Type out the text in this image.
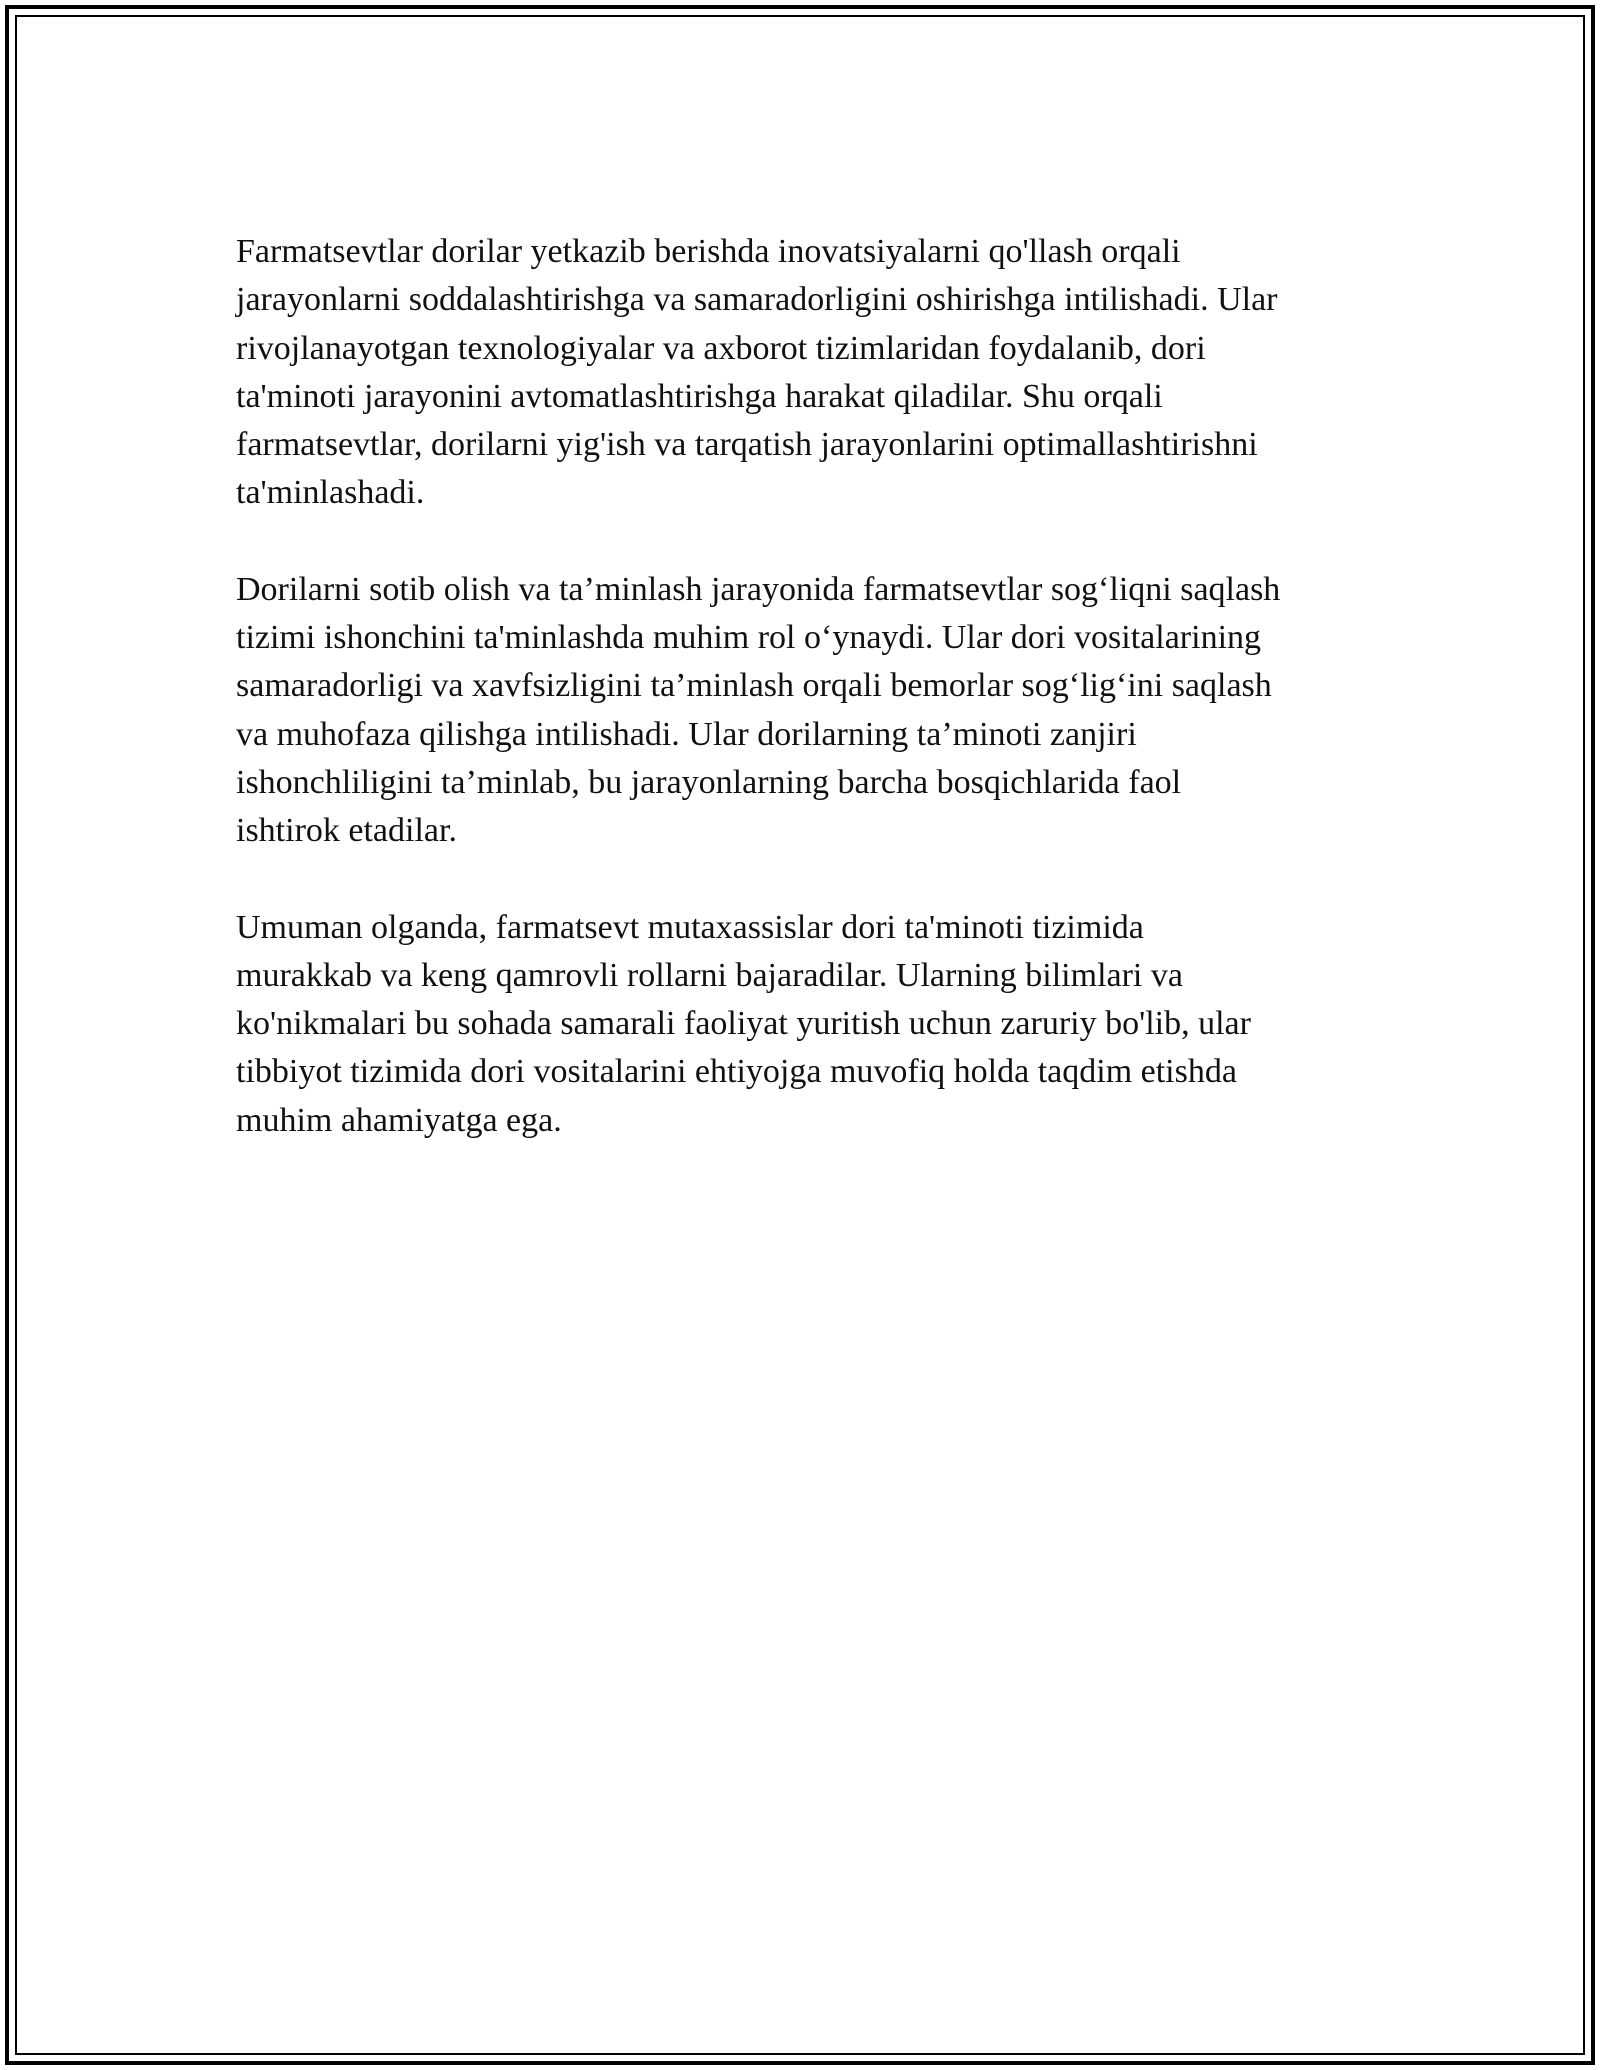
Farmatsevtlar dorilar yetkazib berishda inovatsiyalarni qo'llash orqali
jarayonlarni soddalashtirishga va samaradorligini oshirishga intilishadi. Ular
rivojlanayotgan texnologiyalar va axborot tizimlaridan foydalanib, dori
ta'minoti jarayonini avtomatlashtirishga harakat qiladilar. Shu orqali
farmatsevtlar, dorilarni yig'ish va tarqatish jarayonlarini optimallashtirishni
ta'minlashadi.

Dorilarni sotib olish va ta’minlash jarayonida farmatsevtlar sog‘liqni saqlash
tizimi ishonchini ta'minlashda muhim rol o‘ynaydi. Ular dori vositalarining
samaradorligi va xavfsizligini ta’minlash orqali bemorlar sog‘lig‘ini saqlash
va muhofaza qilishga intilishadi. Ular dorilarning ta’minoti zanjiri
ishonchliligini ta’minlab, bu jarayonlarning barcha bosqichlarida faol
ishtirok etadilar.

Umuman olganda, farmatsevt mutaxassislar dori ta'minoti tizimida
murakkab va keng qamrovli rollarni bajaradilar. Ularning bilimlari va
ko'nikmalari bu sohada samarali faoliyat yuritish uchun zaruriy bo'lib, ular
tibbiyot tizimida dori vositalarini ehtiyojga muvofiq holda taqdim etishda
muhim ahamiyatga ega.
